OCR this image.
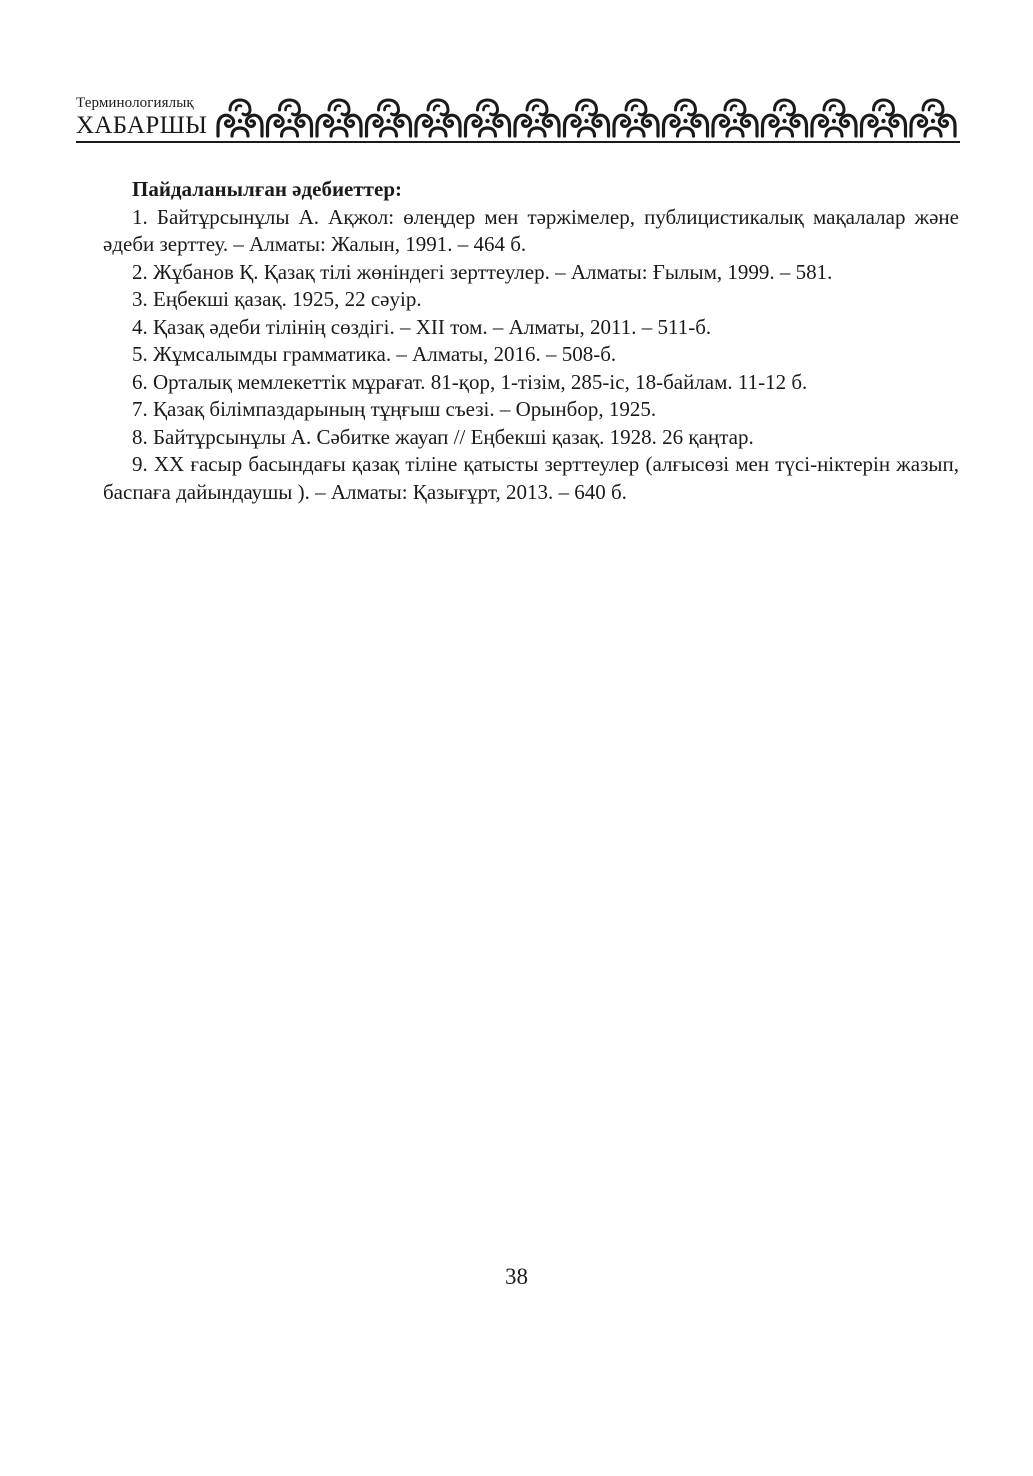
Терминологиялық
ХАБАРШЫ

Пайдаланылған әдебиеттер:

1. Байтұрсынұлы А. Ақжол: өлеңдер мен тәржімелер, публицистикалық мақалалар және әдеби зерттеу. – Алматы: Жалын, 1991. – 464 б.

2. Жұбанов Қ. Қазақ тілі жөніндегі зерттеулер. – Алматы: Ғылым, 1999. – 581.

3. Еңбекші қазақ. 1925, 22 сәуір.

4. Қазақ әдеби тілінің сөздігі. – XII том. – Алматы, 2011. – 511-б.

5. Жұмсалымды грамматика. – Алматы, 2016. – 508-б.

6. Орталық мемлекеттік мұрағат. 81-қор, 1-тізім, 285-іс, 18-байлам. 11-12 б.

7. Қазақ білімпаздарының тұңғыш съезі. – Орынбор, 1925.

8. Байтұрсынұлы А. Сәбитке жауап // Еңбекші қазақ. 1928. 26 қаңтар.

9. XX ғасыр басындағы қазақ тіліне қатысты зерттеулер (алғысөзі мен түсі-ніктерін жазып, баспаға дайындаушы ). – Алматы: Қазығұрт, 2013. – 640 б.

38
